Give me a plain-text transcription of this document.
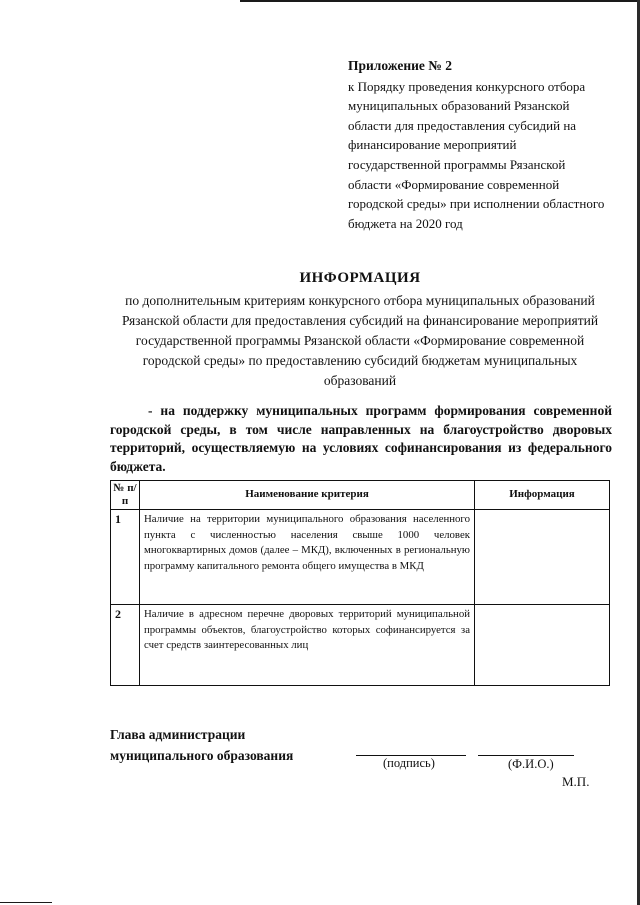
Приложение № 2
к Порядку проведения конкурсного отбора муниципальных образований Рязанской области для предоставления субсидий на финансирование мероприятий государственной программы Рязанской области «Формирование современной городской среды» при исполнении областного бюджета на 2020 год
ИНФОРМАЦИЯ
по дополнительным критериям конкурсного отбора муниципальных образований Рязанской области для предоставления субсидий на финансирование мероприятий государственной программы Рязанской области «Формирование современной городской среды» по предоставлению субсидий бюджетам муниципальных образований
- на поддержку муниципальных программ формирования современной городской среды, в том числе направленных на благоустройство дворовых территорий, осуществляемую на условиях софинансирования из федерального бюджета.
№ п/п	Наименование критерия	Информация
1	Наличие на территории муниципального образования населенного пункта с численностью населения свыше 1000 человек многоквартирных домов (далее – МКД), включенных в региональную программу капитального ремонта общего имущества в МКД	
2	Наличие в адресном перечне дворовых территорий муниципальной программы объектов, благоустройство которых софинансируется за счет средств заинтересованных лиц	
Глава администрации
муниципального образования	(подпись)	(Ф.И.О.)
М.П.
